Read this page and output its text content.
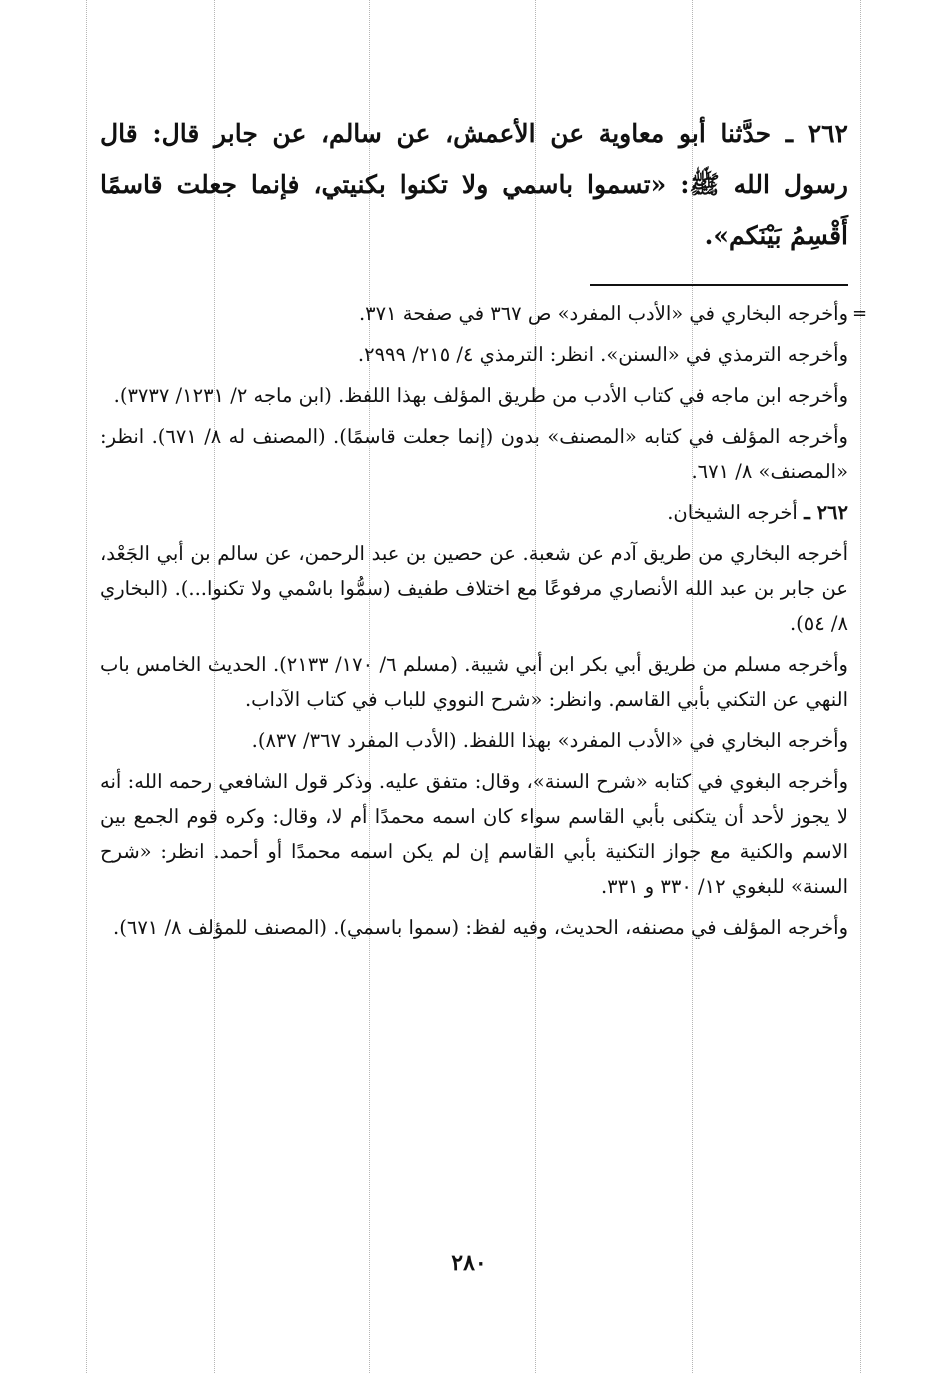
٢٦٢ ـ حدَّثنا أبو معاوية عن الأعمش، عن سالم، عن جابر قال: قال رسول الله ﷺ: «تسموا باسمي ولا تكنوا بكنيتي، فإنما جعلت قاسمًا أَقْسِمُ بَيْنَكم».

=

وأخرجه البخاري في «الأدب المفرد» ص ٣٦٧ في صفحة ٣٧١.

وأخرجه الترمذي في «السنن». انظر: الترمذي ٤/ ٢١٥/ ٢٩٩٩.

وأخرجه ابن ماجه في كتاب الأدب من طريق المؤلف بهذا اللفظ. (ابن ماجه ٢/ ١٢٣١/ ٣٧٣٧).

وأخرجه المؤلف في كتابه «المصنف» بدون (إنما جعلت قاسمًا). (المصنف له ٨/ ٦٧١). انظر: «المصنف» ٨/ ٦٧١.

٢٦٢ ـ أخرجه الشيخان.

أخرجه البخاري من طريق آدم عن شعبة. عن حصين بن عبد الرحمن، عن سالم بن أبي الجَعْد، عن جابر بن عبد الله الأنصاري مرفوعًا مع اختلاف طفيف (سمُّوا باسْمي ولا تكنوا...). (البخاري ٨/ ٥٤).

وأخرجه مسلم من طريق أبي بكر ابن أبي شيبة. (مسلم ٦/ ١٧٠/ ٢١٣٣). الحديث الخامس باب النهي عن التكني بأبي القاسم. وانظر: «شرح النووي للباب في كتاب الآداب.

وأخرجه البخاري في «الأدب المفرد» بهذا اللفظ. (الأدب المفرد ٣٦٧/ ٨٣٧).

وأخرجه البغوي في كتابه «شرح السنة»، وقال: متفق عليه. وذكر قول الشافعي رحمه الله: أنه لا يجوز لأحد أن يتكنى بأبي القاسم سواء كان اسمه محمدًا أم لا، وقال: وكره قوم الجمع بين الاسم والكنية مع جواز التكنية بأبي القاسم إن لم يكن اسمه محمدًا أو أحمد. انظر: «شرح السنة» للبغوي ١٢/ ٣٣٠ و ٣٣١.

وأخرجه المؤلف في مصنفه، الحديث، وفيه لفظ: (سموا باسمي). (المصنف للمؤلف ٨/ ٦٧١).

٢٨٠
